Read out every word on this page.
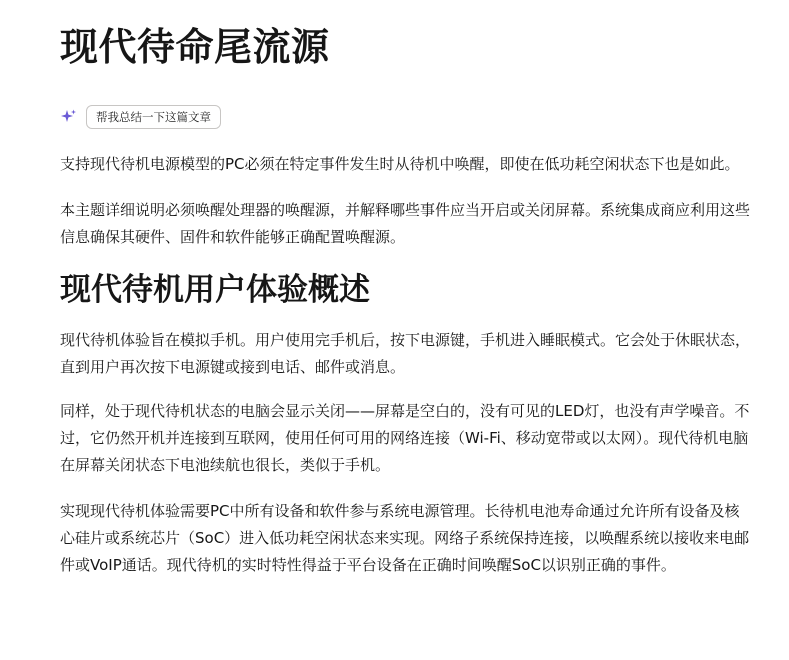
现代待命尾流源
帮我总结一下这篇文章

支持现代待机电源模型的PC必须在特定事件发生时从待机中唤醒，即使在低功耗空闲状态下也是如此。

本主题详细说明必须唤醒处理器的唤醒源，并解释哪些事件应当开启或关闭屏幕。系统集成商应利用这些信息确保其硬件、固件和软件能够正确配置唤醒源。

现代待机用户体验概述

现代待机体验旨在模拟手机。用户使用完手机后，按下电源键，手机进入睡眠模式。它会处于休眠状态，直到用户再次按下电源键或接到电话、邮件或消息。

同样，处于现代待机状态的电脑会显示关闭——屏幕是空白的，没有可见的LED灯，也没有声学噪音。不过，它仍然开机并连接到互联网，使用任何可用的网络连接（Wi-Fi、移动宽带或以太网）。现代待机电脑在屏幕关闭状态下电池续航也很长，类似于手机。

实现现代待机体验需要PC中所有设备和软件参与系统电源管理。长待机电池寿命通过允许所有设备及核心硅片或系统芯片（SoC）进入低功耗空闲状态来实现。网络子系统保持连接，以唤醒系统以接收来电邮件或VoIP通话。现代待机的实时特性得益于平台设备在正确时间唤醒SoC以识别正确的事件。
